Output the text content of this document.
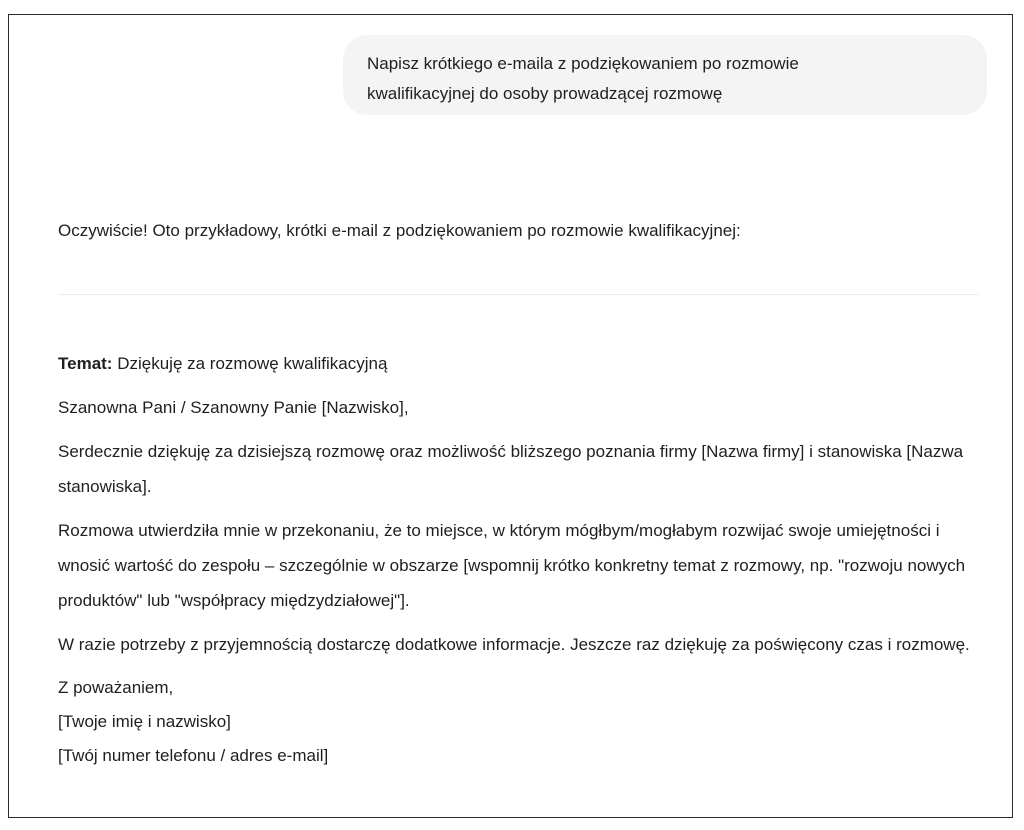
Napisz krótkiego e-maila z podziękowaniem po rozmowie
kwalifikacyjnej do osoby prowadzącej rozmowę

Oczywiście! Oto przykładowy, krótki e-mail z podziękowaniem po rozmowie kwalifikacyjnej:

Temat: Dziękuję za rozmowę kwalifikacyjną

Szanowna Pani / Szanowny Panie [Nazwisko],

Serdecznie dziękuję za dzisiejszą rozmowę oraz możliwość bliższego poznania firmy [Nazwa firmy] i stanowiska [Nazwa stanowiska].

Rozmowa utwierdziła mnie w przekonaniu, że to miejsce, w którym mógłbym/mogłabym rozwijać swoje umiejętności i wnosić wartość do zespołu – szczególnie w obszarze [wspomnij krótko konkretny temat z rozmowy, np. "rozwoju nowych produktów" lub "współpracy międzydziałowej"].

W razie potrzeby z przyjemnością dostarczę dodatkowe informacje. Jeszcze raz dziękuję za poświęcony czas i rozmowę.

Z poważaniem,
[Twoje imię i nazwisko]
[Twój numer telefonu / adres e-mail]
